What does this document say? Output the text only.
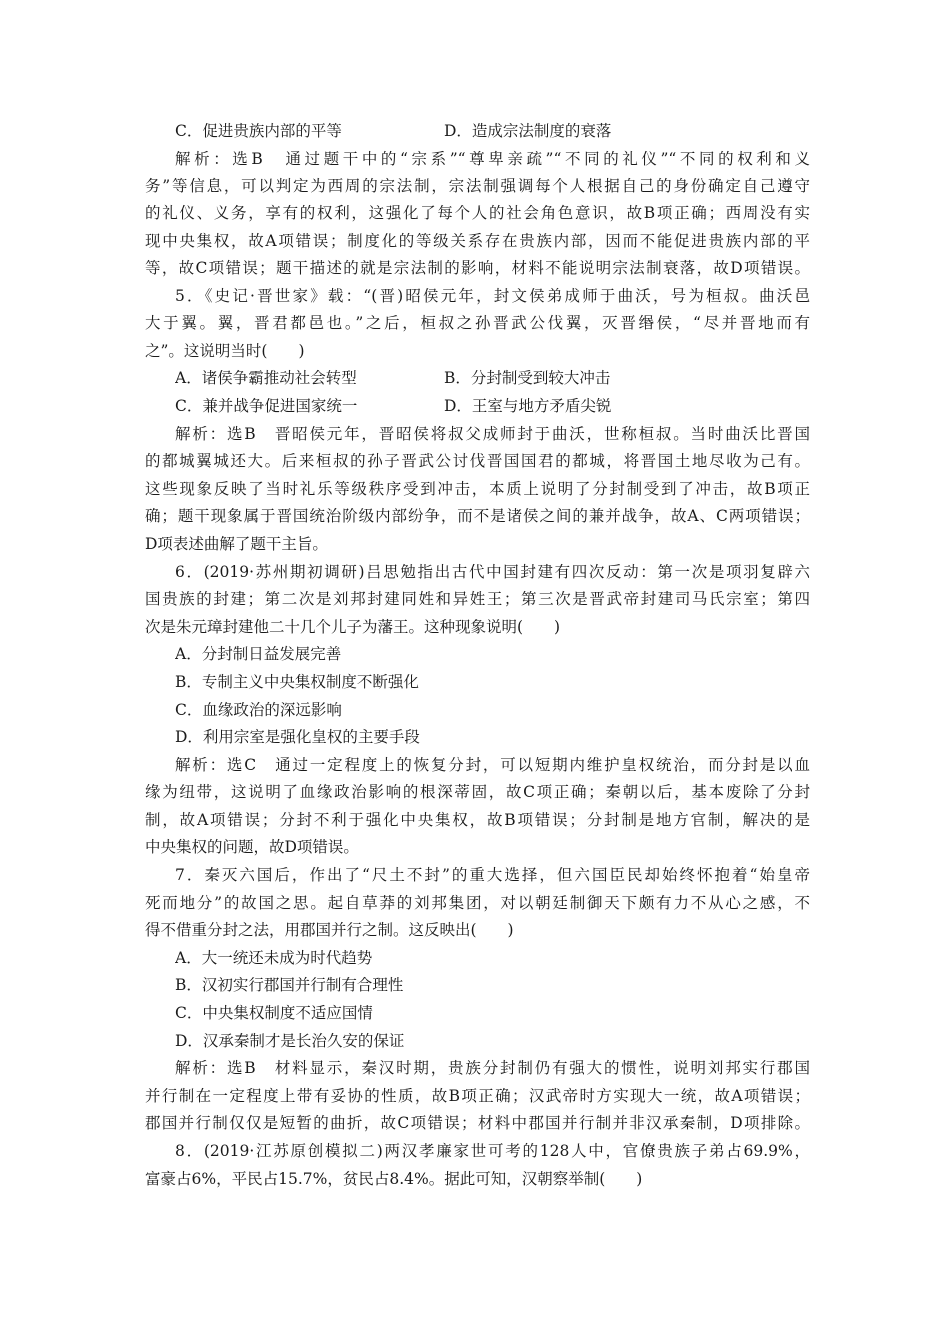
C．促进贵族内部的平等	D．造成宗法制度的衰落
解析：选B　通过题干中的“宗系”“尊卑亲疏”“不同的礼仪”“不同的权利和义
务”等信息，可以判定为西周的宗法制，宗法制强调每个人根据自己的身份确定自己遵守
的礼仪、义务，享有的权利，这强化了每个人的社会角色意识，故B项正确；西周没有实
现中央集权，故A项错误；制度化的等级关系存在贵族内部，因而不能促进贵族内部的平
等，故C项错误；题干描述的就是宗法制的影响，材料不能说明宗法制衰落，故D项错误。
5．《史记·晋世家》载：“(晋)昭侯元年，封文侯弟成师于曲沃，号为桓叔。曲沃邑
大于翼。翼，晋君都邑也。”之后，桓叔之孙晋武公伐翼，灭晋缗侯，“尽并晋地而有
之”。这说明当时(　　)
A．诸侯争霸推动社会转型	B．分封制受到较大冲击
C．兼并战争促进国家统一	D．王室与地方矛盾尖锐
解析：选B　晋昭侯元年，晋昭侯将叔父成师封于曲沃，世称桓叔。当时曲沃比晋国
的都城翼城还大。后来桓叔的孙子晋武公讨伐晋国国君的都城，将晋国土地尽收为己有。
这些现象反映了当时礼乐等级秩序受到冲击，本质上说明了分封制受到了冲击，故B项正
确；题干现象属于晋国统治阶级内部纷争，而不是诸侯之间的兼并战争，故A、C两项错误；
D项表述曲解了题干主旨。
6．(2019·苏州期初调研)吕思勉指出古代中国封建有四次反动：第一次是项羽复辟六
国贵族的封建；第二次是刘邦封建同姓和异姓王；第三次是晋武帝封建司马氏宗室；第四
次是朱元璋封建他二十几个儿子为藩王。这种现象说明(　　)
A．分封制日益发展完善
B．专制主义中央集权制度不断强化
C．血缘政治的深远影响
D．利用宗室是强化皇权的主要手段
解析：选C　通过一定程度上的恢复分封，可以短期内维护皇权统治，而分封是以血
缘为纽带，这说明了血缘政治影响的根深蒂固，故C项正确；秦朝以后，基本废除了分封
制，故A项错误；分封不利于强化中央集权，故B项错误；分封制是地方官制，解决的是
中央集权的问题，故D项错误。
7．秦灭六国后，作出了“尺土不封”的重大选择，但六国臣民却始终怀抱着“始皇帝
死而地分”的故国之思。起自草莽的刘邦集团，对以朝廷制御天下颇有力不从心之感，不
得不借重分封之法，用郡国并行之制。这反映出(　　)
A．大一统还未成为时代趋势
B．汉初实行郡国并行制有合理性
C．中央集权制度不适应国情
D．汉承秦制才是长治久安的保证
解析：选B　材料显示，秦汉时期，贵族分封制仍有强大的惯性，说明刘邦实行郡国
并行制在一定程度上带有妥协的性质，故B项正确；汉武帝时方实现大一统，故A项错误；
郡国并行制仅仅是短暂的曲折，故C项错误；材料中郡国并行制并非汉承秦制，D项排除。
8．(2019·江苏原创模拟二)两汉孝廉家世可考的128人中，官僚贵族子弟占69.9%，
富豪占6%，平民占15.7%，贫民占8.4%。据此可知，汉朝察举制(　　)
